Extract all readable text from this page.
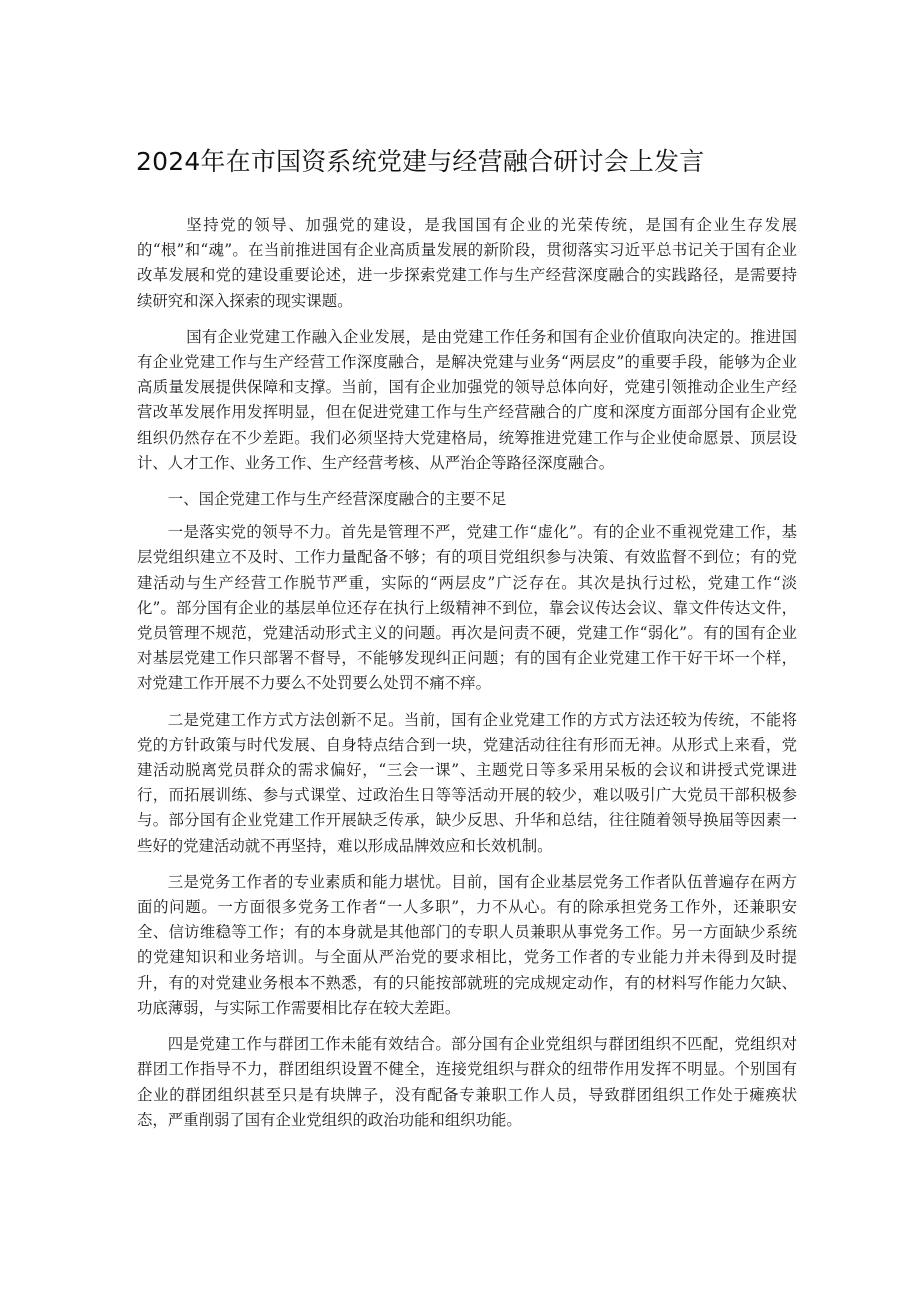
2024年在市国资系统党建与经营融合研讨会上发言

坚持党的领导、加强党的建设，是我国国有企业的光荣传统，是国有企业生存发展的“根”和“魂”。在当前推进国有企业高质量发展的新阶段，贯彻落实习近平总书记关于国有企业改革发展和党的建设重要论述，进一步探索党建工作与生产经营深度融合的实践路径，是需要持续研究和深入探索的现实课题。

国有企业党建工作融入企业发展，是由党建工作任务和国有企业价值取向决定的。推进国有企业党建工作与生产经营工作深度融合，是解决党建与业务“两层皮”的重要手段，能够为企业高质量发展提供保障和支撑。当前，国有企业加强党的领导总体向好，党建引领推动企业生产经营改革发展作用发挥明显，但在促进党建工作与生产经营融合的广度和深度方面部分国有企业党组织仍然存在不少差距。我们必须坚持大党建格局，统筹推进党建工作与企业使命愿景、顶层设计、人才工作、业务工作、生产经营考核、从严治企等路径深度融合。

一、国企党建工作与生产经营深度融合的主要不足

一是落实党的领导不力。首先是管理不严，党建工作“虚化”。有的企业不重视党建工作，基层党组织建立不及时、工作力量配备不够；有的项目党组织参与决策、有效监督不到位；有的党建活动与生产经营工作脱节严重，实际的“两层皮”广泛存在。其次是执行过松，党建工作“淡化”。部分国有企业的基层单位还存在执行上级精神不到位，靠会议传达会议、靠文件传达文件，党员管理不规范，党建活动形式主义的问题。再次是问责不硬，党建工作“弱化”。有的国有企业对基层党建工作只部署不督导，不能够发现纠正问题；有的国有企业党建工作干好干坏一个样，对党建工作开展不力要么不处罚要么处罚不痛不痒。

二是党建工作方式方法创新不足。当前，国有企业党建工作的方式方法还较为传统，不能将党的方针政策与时代发展、自身特点结合到一块，党建活动往往有形而无神。从形式上来看，党建活动脱离党员群众的需求偏好，“三会一课”、主题党日等多采用呆板的会议和讲授式党课进行，而拓展训练、参与式课堂、过政治生日等等活动开展的较少，难以吸引广大党员干部积极参与。部分国有企业党建工作开展缺乏传承，缺少反思、升华和总结，往往随着领导换届等因素一些好的党建活动就不再坚持，难以形成品牌效应和长效机制。

三是党务工作者的专业素质和能力堪忧。目前，国有企业基层党务工作者队伍普遍存在两方面的问题。一方面很多党务工作者“一人多职”，力不从心。有的除承担党务工作外，还兼职安全、信访维稳等工作；有的本身就是其他部门的专职人员兼职从事党务工作。另一方面缺少系统的党建知识和业务培训。与全面从严治党的要求相比，党务工作者的专业能力并未得到及时提升，有的对党建业务根本不熟悉，有的只能按部就班的完成规定动作，有的材料写作能力欠缺、功底薄弱，与实际工作需要相比存在较大差距。

四是党建工作与群团工作未能有效结合。部分国有企业党组织与群团组织不匹配，党组织对群团工作指导不力，群团组织设置不健全，连接党组织与群众的纽带作用发挥不明显。个别国有企业的群团组织甚至只是有块牌子，没有配备专兼职工作人员，导致群团组织工作处于瘫痪状态，严重削弱了国有企业党组织的政治功能和组织功能。
